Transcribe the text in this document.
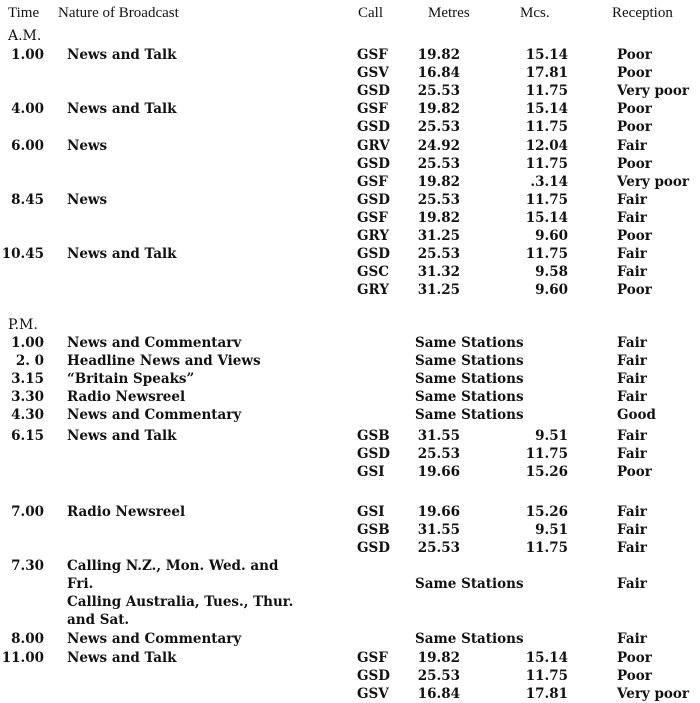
Time Nature of Broadcast	Call	Metres	Mcs.	Reception
A.M.
P.M.
1.00 News and Talk	GSF	19.82	15.14	Poor
GSV	16.84	17.81	Poor
GSD	25.53	11.75	Very poor
4.00 News and Talk	GSF	19.82	15.14	Poor
GSD	25.53	11.75	Poor
6.00 News	GRV	24.92	12.04	Fair
GSD	25.53	11.75	Poor
GSF	19.82	.3.14	Very poor
8.45 News	GSD	25.53	11.75	Fair
GSF	19.82	15.14	Fair
GRY	31.25	9.60	Poor
10.45 News and Talk	GSD	25.53	11.75	Fair
GSC	31.32	9.58	Fair
GRY	31.25	9.60	Poor
1.00 News and Commentarv	Same Stations	Fair
2. 0 Headline News and Views	Same Stations	Fair
3.15 “Britain Speaks”	Same Stations	Fair
3.30 Radio Newsreel	Same Stations	Fair
4.30 News and Commentary	Same Stations	Good
6.15 News and Talk	GSB	31.55	9.51	Fair
GSD	25.53	11.75	Fair
GSI	19.66	15.26	Poor
7.00 Radio Newsreel	GSI	19.66	15.26	Fair
GSB	31.55	9.51	Fair
GSD	25.53	11.75	Fair
7.30 Calling N.Z., Mon. Wed. and
Fri.
Calling Australia, Tues., Thur.
and Sat.
Same Stations	Fair
8.00 News and Commentary	Same Stations	Fair
11.00 News and Talk	GSF	19.82	15.14	Poor
GSD	25.53	11.75	Poor
GSV	16.84	17.81	Very poor
